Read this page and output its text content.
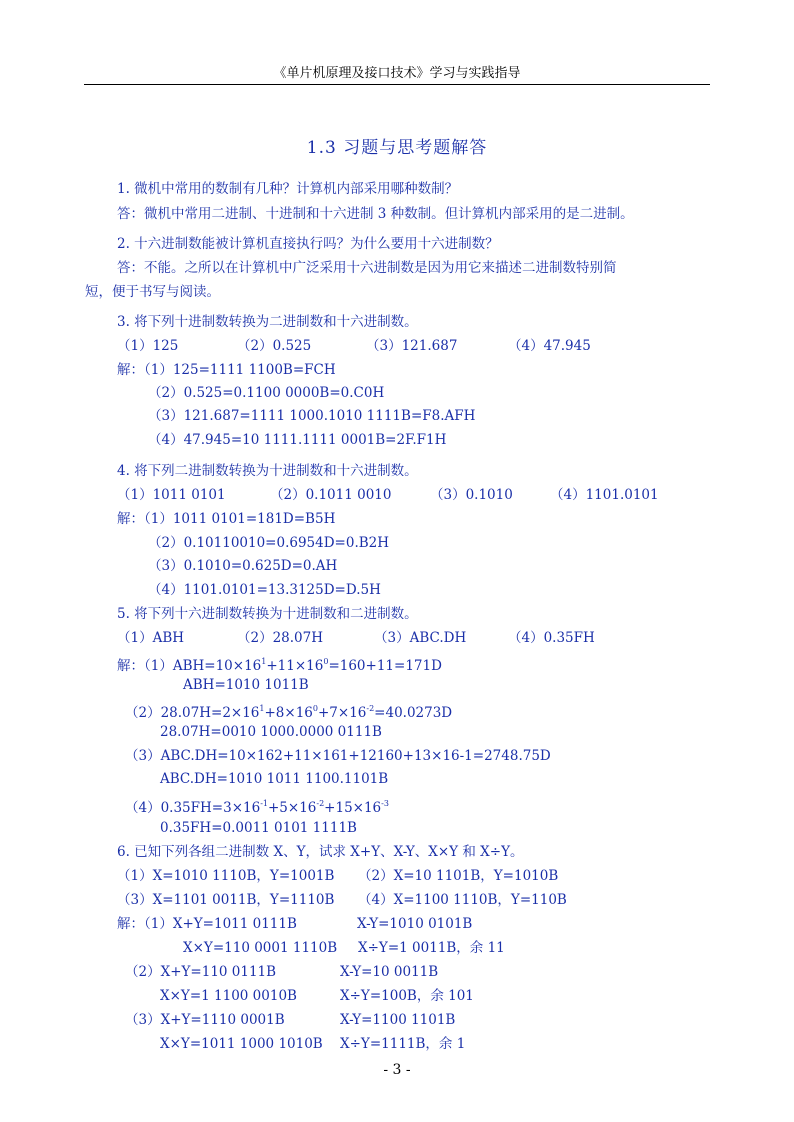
《单片机原理及接口技术》学习与实践指导
1.3 习题与思考题解答
1. 微机中常用的数制有几种？计算机内部采用哪种数制？
答：微机中常用二进制、十进制和十六进制 3 种数制。但计算机内部采用的是二进制。
2. 十六进制数能被计算机直接执行吗？为什么要用十六进制数？
答：不能。之所以在计算机中广泛采用十六进制数是因为用它来描述二进制数特别简
短，便于书写与阅读。
3. 将下列十进制数转换为二进制数和十六进制数。
（1）125	（2）0.525	（3）121.687	（4）47.945
解：（1）125=1111 1100B=FCH
（2）0.525=0.1100 0000B=0.C0H
（3）121.687=1111 1000.1010 1111B=F8.AFH
（4）47.945=10 1111.1111 0001B=2F.F1H
4. 将下列二进制数转换为十进制数和十六进制数。
（1）1011 0101	（2）0.1011 0010	（3）0.1010	（4）1101.0101
解：（1）1011 0101=181D=B5H
（2）0.10110010=0.6954D=0.B2H
（3）0.1010=0.625D=0.AH
（4）1101.0101=13.3125D=D.5H
5. 将下列十六进制数转换为十进制数和二进制数。
（1）ABH	（2）28.07H	（3）ABC.DH	（4）0.35FH
解：$(1)ABH=10\times 16^1+11\times 16^0=160+11=171D$
ABH=1010 1011B
$(2)28.07H=2\times 16^1+8\times 16^0+7\times 16^{-2}=40.0273D$
28.07H=0010 1000.0000 0111B
（3）ABC.DH=10×162+11×161+12160+13×16-1=2748.75D
ABC.DH=1010 1011 1100.1101B
$(4)0.35FH=3\times 16^{-1}+5\times 16^{-2}+15\times 16^{-3}$
0.35FH=0.0011 0101 1111B
6. 已知下列各组二进制数 X、Y，试求 X+Y、X-Y、X×Y 和 X÷Y。
（1）X=1010 1110B，Y=1001B （2）X=10 1101B，Y=1010B
（3）X=1101 0011B，Y=1110B （4）X=1100 1110B，Y=110B
解：（1）X+Y=1011 0111B	X-Y=1010 0101B
X×Y=110 0001 1110B X÷Y=1 0011B，余 11
（2）X+Y=110 0111B	X-Y=10 0011B
X×Y=1 1100 0010B	X÷Y=100B，余 101
（3）X+Y=1110 0001B	X-Y=1100 1101B
X×Y=1011 1000 1010B X÷Y=1111B，余 1
- 3 -
